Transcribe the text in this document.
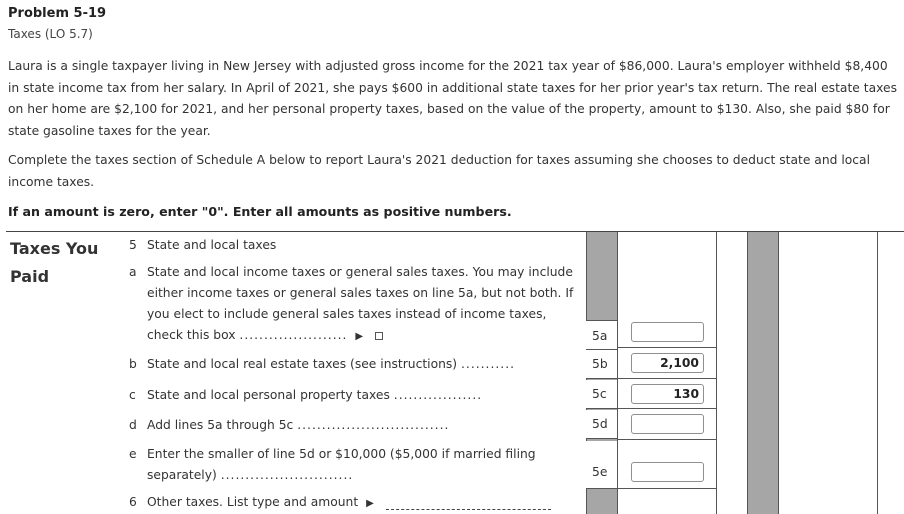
Problem 5-19
Taxes (LO 5.7)
Laura is a single taxpayer living in New Jersey with adjusted gross income for the 2021 tax year of $86,000. Laura's employer withheld $8,400 in state income tax from her salary. In April of 2021, she pays $600 in additional state taxes for her prior year's tax return. The real estate taxes on her home are $2,100 for 2021, and her personal property taxes, based on the value of the property, amount to $130. Also, she paid $80 for state gasoline taxes for the year.
Complete the taxes section of Schedule A below to report Laura's 2021 deduction for taxes assuming she chooses to deduct state and local income taxes.
If an amount is zero, enter "0". Enter all amounts as positive numbers.
Taxes You
Paid
5 State and local taxes
a State and local income taxes or general sales taxes. You may include either income taxes or general sales taxes on line 5a, but not both. If you elect to include general sales taxes instead of income taxes, check this box ...................... ▶	5a
b State and local real estate taxes (see instructions) ...........	5b	2,100
c State and local personal property taxes ..................	5c	130
d Add lines 5a through 5c ...............................	5d
e Enter the smaller of line 5d or $10,000 ($5,000 if married filing
separately) ...........................	5e
6 Other taxes. List type and amount ▶
